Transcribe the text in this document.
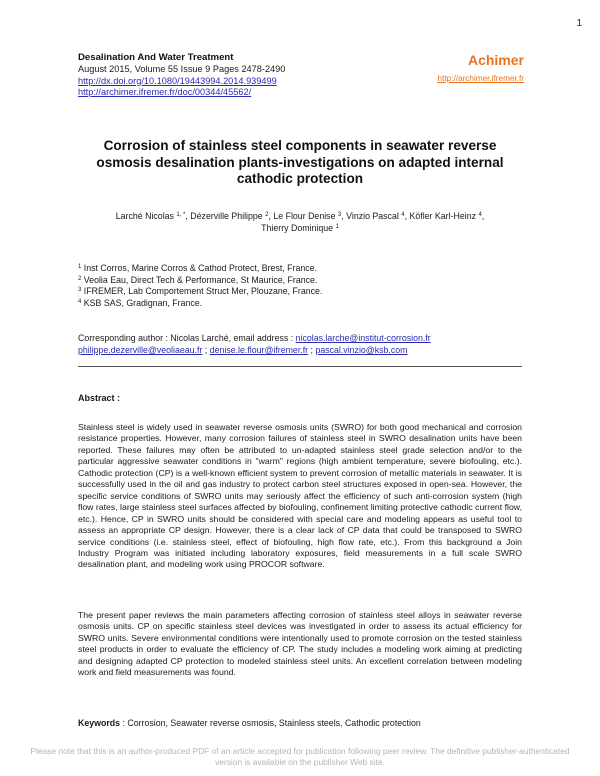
1
Desalination And Water Treatment
August 2015, Volume 55 Issue 9 Pages 2478-2490
http://dx.doi.org/10.1080/19443994.2014.939499
http://archimer.ifremer.fr/doc/00344/45562/
Achimer
http://archimer.ifremer.fr
Corrosion of stainless steel components in seawater reverse osmosis desalination plants-investigations on adapted internal cathodic protection
Larché Nicolas $^{1, *}$, Dézerville Philippe $^2$, Le Flour Denise $^3$, Vinzio Pascal $^4$, Köfler Karl-Heinz $^4$,
Thierry Dominique $^1$
$^1$ Inst Corros, Marine Corros & Cathod Protect, Brest, France.
$^2$ Veolia Eau, Direct Tech & Performance, St Maurice, France.
$^3$ IFREMER, Lab Comportement Struct Mer, Plouzane, France.
$^4$ KSB SAS, Gradignan, France.
Corresponding author : Nicolas Larché, email address : nicolas.larche@institut-corrosion.fr
philippe.dezerville@veoliaeau.fr ; denise.le.flour@ifremer.fr ; pascal.vinzio@ksb.com
Abstract :

Stainless steel is widely used in seawater reverse osmosis units (SWRO) for both good mechanical and corrosion resistance properties. However, many corrosion failures of stainless steel in SWRO desalination units have been reported. These failures may often be attributed to un-adapted stainless steel grade selection and/or to the particular aggressive seawater conditions in "warm" regions (high ambient temperature, severe biofouling, etc.). Cathodic protection (CP) is a well-known efficient system to prevent corrosion of metallic materials in seawater. It is successfully used in the oil and gas industry to protect carbon steel structures exposed in open-sea. However, the specific service conditions of SWRO units may seriously affect the efficiency of such anti-corrosion system (high flow rates, large stainless steel surfaces affected by biofouling, confinement limiting protective cathodic current flow, etc.). Hence, CP in SWRO units should be considered with special care and modeling appears as useful tool to assess an appropriate CP design. However, there is a clear lack of CP data that could be transposed to SWRO service conditions (i.e. stainless steel, effect of biofouling, high flow rate, etc.). From this background a Join Industry Program was initiated including laboratory exposures, field measurements in a full scale SWRO desalination plant, and modeling work using PROCOR software.

The present paper reviews the main parameters affecting corrosion of stainless steel alloys in seawater reverse osmosis units. CP on specific stainless steel devices was investigated in order to assess its actual efficiency for SWRO units. Severe environmental conditions were intentionally used to promote corrosion on the tested stainless steel products in order to evaluate the efficiency of CP. The study includes a modeling work aiming at predicting and designing adapted CP protection to modeled stainless steel units. An excellent correlation between modeling work and field measurements was found.

Keywords : Corrosion, Seawater reverse osmosis, Stainless steels, Cathodic protection
Please note that this is an author-produced PDF of an article accepted for publication following peer review. The definitive publisher-authenticated version is available on the publisher Web site.
